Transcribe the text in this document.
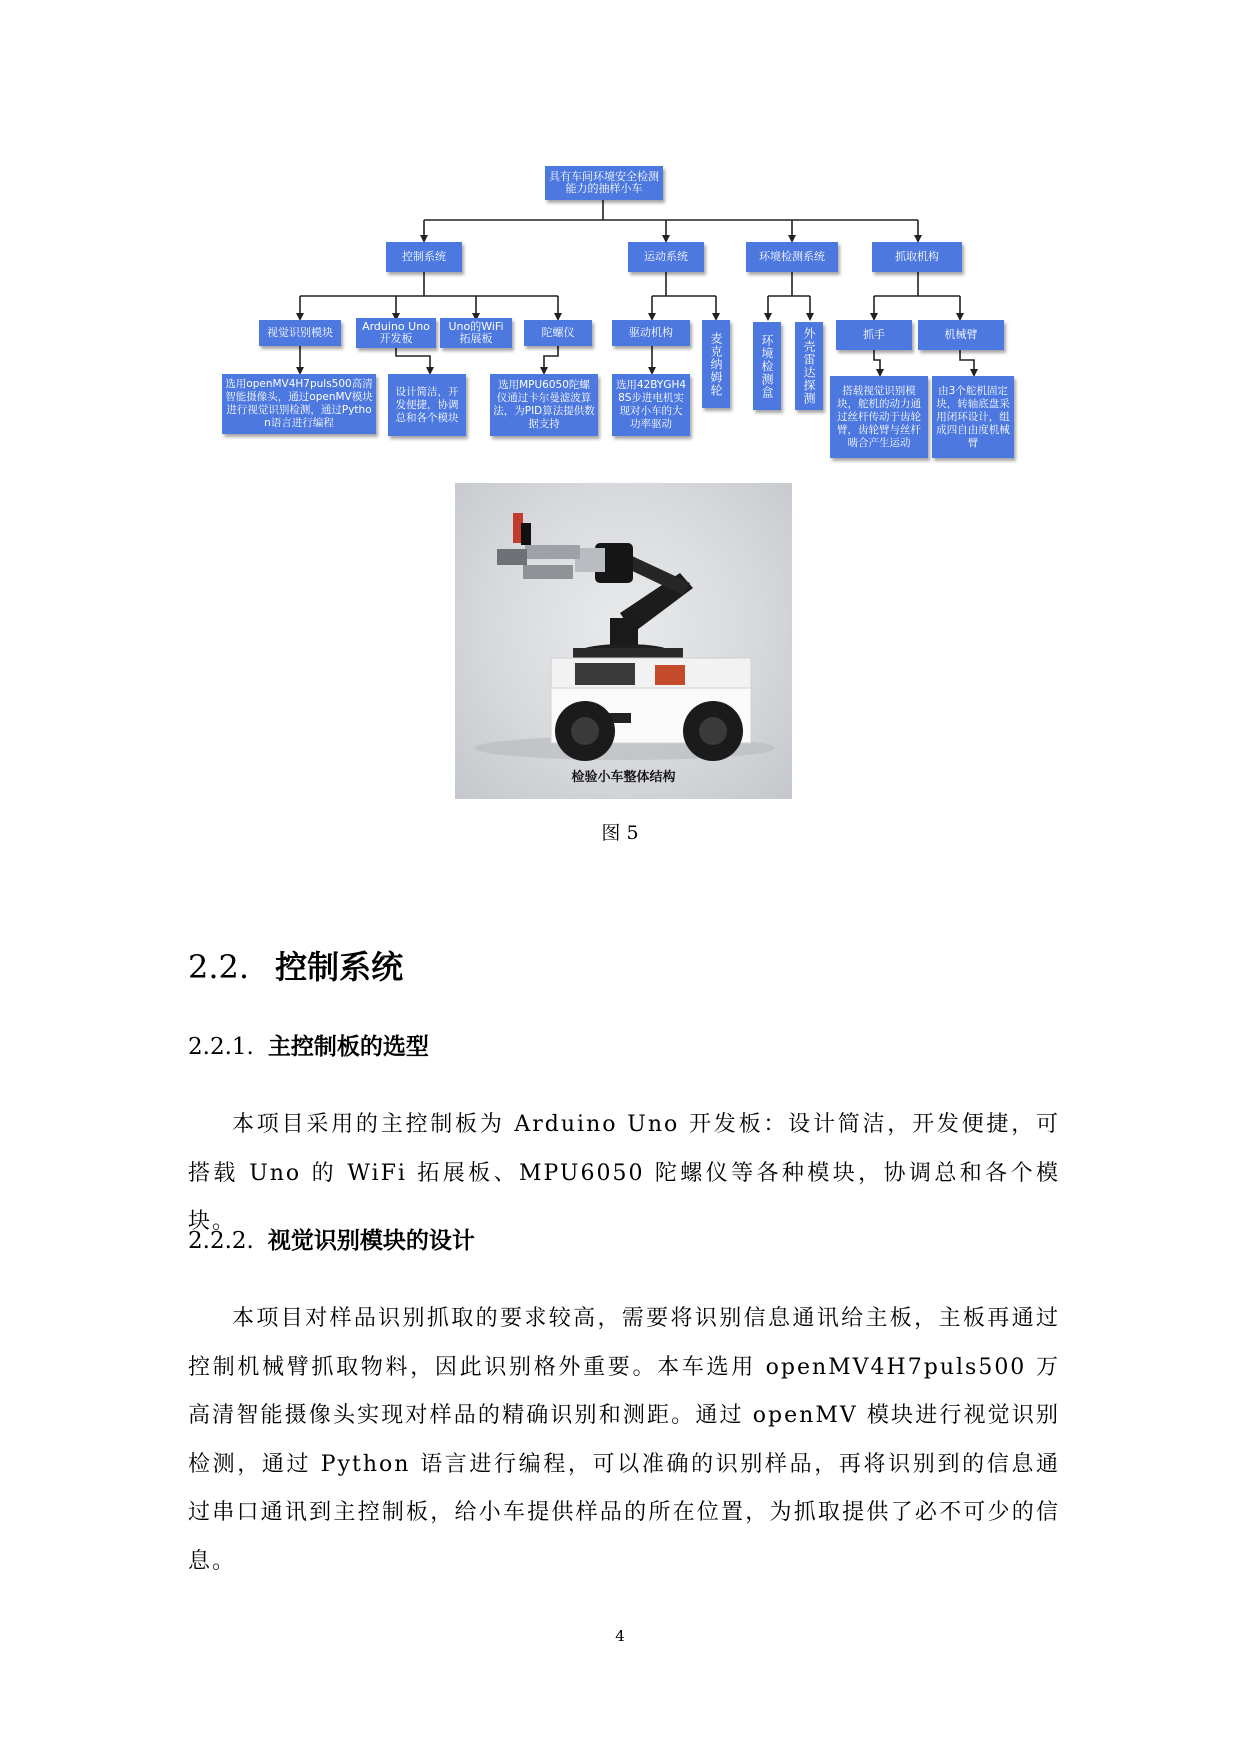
具有车间环境安全检测能力的抽样小车
控制系统	运动系统	环境检测系统	抓取机构
视觉识别模块	Arduino Uno开发板
Uno的WiFi拓展板	陀螺仪
选用openMV4H7puls500高清智能摄像头，通过openMV模块进行视觉识别检测，通过Python语言进行编程
设计简洁，开发便捷，协调总和各个模块
选用MPU6050陀螺仪通过卡尔曼滤波算法，为PID算法提供数据支持
驱动机构	麦克纳姆轮
选用42BYGH48S步进电机实现对小车的大功率驱动
环境检测盒	外壳雷达探测	抓手	机械臂
搭载视觉识别模块，舵机的动力通过丝杆传动于齿轮臂，齿轮臂与丝杆啮合产生运动
由3个舵机固定块，转轴底盘采用闭环设计，组成四自由度机械臂
检验小车整体结构
图 5
2.2. 控制系统
2.2.1. 主控制板的选型
本项目采用的主控制板为 Arduino Uno 开发板：设计简洁，开发便捷，可搭载 Uno 的 WiFi 拓展板、MPU6050 陀螺仪等各种模块，协调总和各个模块。
2.2.2. 视觉识别模块的设计
本项目对样品识别抓取的要求较高，需要将识别信息通讯给主板，主板再通过控制机械臂抓取物料，因此识别格外重要。本车选用 openMV4H7puls500 万高清智能摄像头实现对样品的精确识别和测距。通过 openMV 模块进行视觉识别检测，通过 Python 语言进行编程，可以准确的识别样品，再将识别到的信息通过串口通讯到主控制板，给小车提供样品的所在位置，为抓取提供了必不可少的信息。
4
